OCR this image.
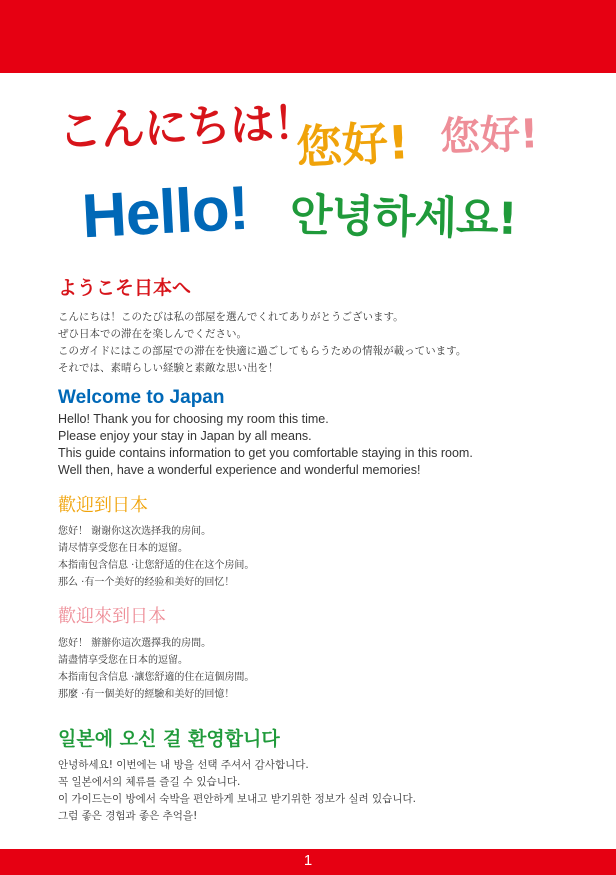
こんにちは！
您好! 您好!
Hello! 안녕하세요!
ようこそ日本へ
こんにちは！このたびは私の部屋を選んでくれてありがとうございます。
ぜひ日本での滞在を楽しんでください。
このガイドにはこの部屋での滞在を快適に過ごしてもらうための情報が載っています。
それでは、素晴らしい経験と素敵な思い出を！
Welcome to Japan
Hello! Thank you for choosing my room this time.
Please enjoy your stay in Japan by all means.
This guide contains information to get you comfortable staying in this room.
Well then, have a wonderful experience and wonderful memories!
歡迎到日本
您好！ 谢谢你这次选择我的房间。
请尽情享受您在日本的逗留。
本指南包含信息 ·让您舒适的住在这个房间。
那么 ·有一个美好的经验和美好的回忆！
歡迎來到日本
您好！ 辦辦你這次選擇我的房間。
請盡情享受您在日本的逗留。
本指南包含信息 ·讓您舒適的住在這個房間。
那麼 ·有一個美好的經驗和美好的回憶！
일본에 오신 걸 환영합니다
안녕하세요! 이번에는 내 방을 선택 주셔서 감사합니다.
꼭 일본에서의 체류를 즐길 수 있습니다.
이 가이드는이 방에서 숙박을 편안하게 보내고 받기위한 정보가 실려 있습니다.
그럼 좋은 경험과 좋은 추억을!
1
